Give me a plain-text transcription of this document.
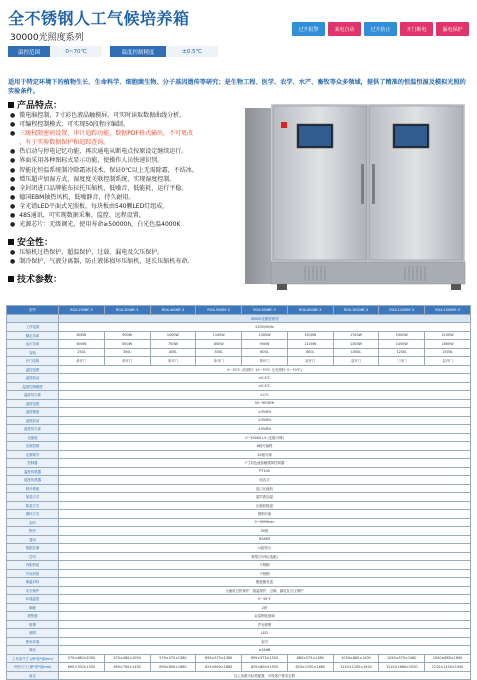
全不锈钢人工气候培养箱
30000光照度系列
过升报警	来电自动	过升防止	开门断电	漏电保护
温控范围	0~70℃	温度控制精度	±0.5℃
适用于特定环境下的植物生长、生命科学、细胞菌生物、分子基因遗传等研究；是生物工程、医学、农学、水产、畜牧等众多领域，提供了精准的恒温恒湿及模拟光照的实验条件。
产品特点：
● 微电脑控制，7寸彩色液晶触摸屏，可实时读取数据曲线分析。
● 可编程控制模式；可实现50段程序编制。
● 三级权限密码设置，审计追踪功能，数据PDF格式输出，不可更改
，有于实验数据保护和追踪查询。
● 热启动与停电记忆功能，再次通电从断电点按原设定继续运行。
● 界面采用各种图标式显示功能，使操作人员快速识别。
● 智能化恒温系统制冷除霜冰技术，保证0℃以上无需除霜，不结冰。
● 增压超声加湿方式，湿度度关联控制系统，实现湿度控制。
● 全封闭进口品牌能布拉托压缩机，低噪音，低能耗，运行平稳。
● 德国EBM轴热风机，低噪静音，持久耐用。
● 全光谱LED平面式光照板，每块板由540颗LED灯组成。
● 485通讯，可实现数据采集、监控、远程设置。
● 光源芯片：无级调光，使用寿命≥50000h，白光色温4000K
安全性：
● 压缩机过热保护，超温保护，过载、漏电及欠压保护。
● 制冷保护，气液分离器，防止液体损坏压缩机，延长压缩机寿命。
技术参数：
型号	RGX-250BF-3	RGX-300BF-3	RGX-400BF-3	RGX-500BF-3	RGX-600BF-3	RGX-800BF-3	RGX-1000BF-3	RGX-1200BF-3	RGX-1500BF-3
	30000光照度系列								
工作电源	220V/50Hz								
额定功率	800W	900W	1000W	1100W	1300W	1500W	1700W	1900W	2100W
运行功率	600W	650W	750W	850W	950W	1100W	1300W	1450W	1600W
容积	250L	300L	400L	500L	600L	800L	1000L	1200L	1500L
开门结构	单开门	单开门	单开门	单开门	单开门	双开门	双开门	三开门	双开门
温控范围	0~70℃ (光照时: 10~70℃ 无光照时: 0~70℃)								
温度波动	±0.5℃								
温度控制精度	±0.5℃								
温度均匀度	±1℃								
湿度范围	50~95%RH								
湿度精度	±3%RH								
湿度波动	±3%RH								
湿度均匀度	±5%RH								
光照度	0~30000 LX (无级可调)								
光照控制	8段可编程								
光照调节	10级可调								
控制器	7寸彩色液晶触摸屏控制器								
温度传感器	PT100								
湿度传感器	电容式								
制冷系统	进口压缩机								
加湿方式	超声波加湿								
除湿方式	压缩机除湿								
循环方式	强制对流								
定时	0~9999min								
程序	50段								
通讯	RS485								
数据存储	U盘导出								
打印	微型打印机(选配)								
内胆材质	不锈钢								
外壳材质	不锈钢								
保温材料	聚氨酯发泡								
安全保护	压缩机过热保护、超温保护、过载、漏电及欠压保护								
环境温度	5~35℃								
搁板	2块								
观察窗	双层钢化玻璃								
报警	声光报警								
照明	LED								
使用环境	室内								
噪音	≤55dB								
工作室尺寸 (深*宽*高mm)	570×480×1050	570×480×1050	570×575×1380	695×575×1380	695×575×1500	680×575×1380	1050×685×1500	1050×575×1560	1050×685×1690
外形尺寸 (深*宽*高mm)	690×700×1350	690×700×1350	690×800×1880	825×800×1880	825×800×1920	820×1250×1880	1210×1250×1920	1210×1680×1920	1210×1250×1940
备注	以上参数为标准配置，可按客户要求定制								
